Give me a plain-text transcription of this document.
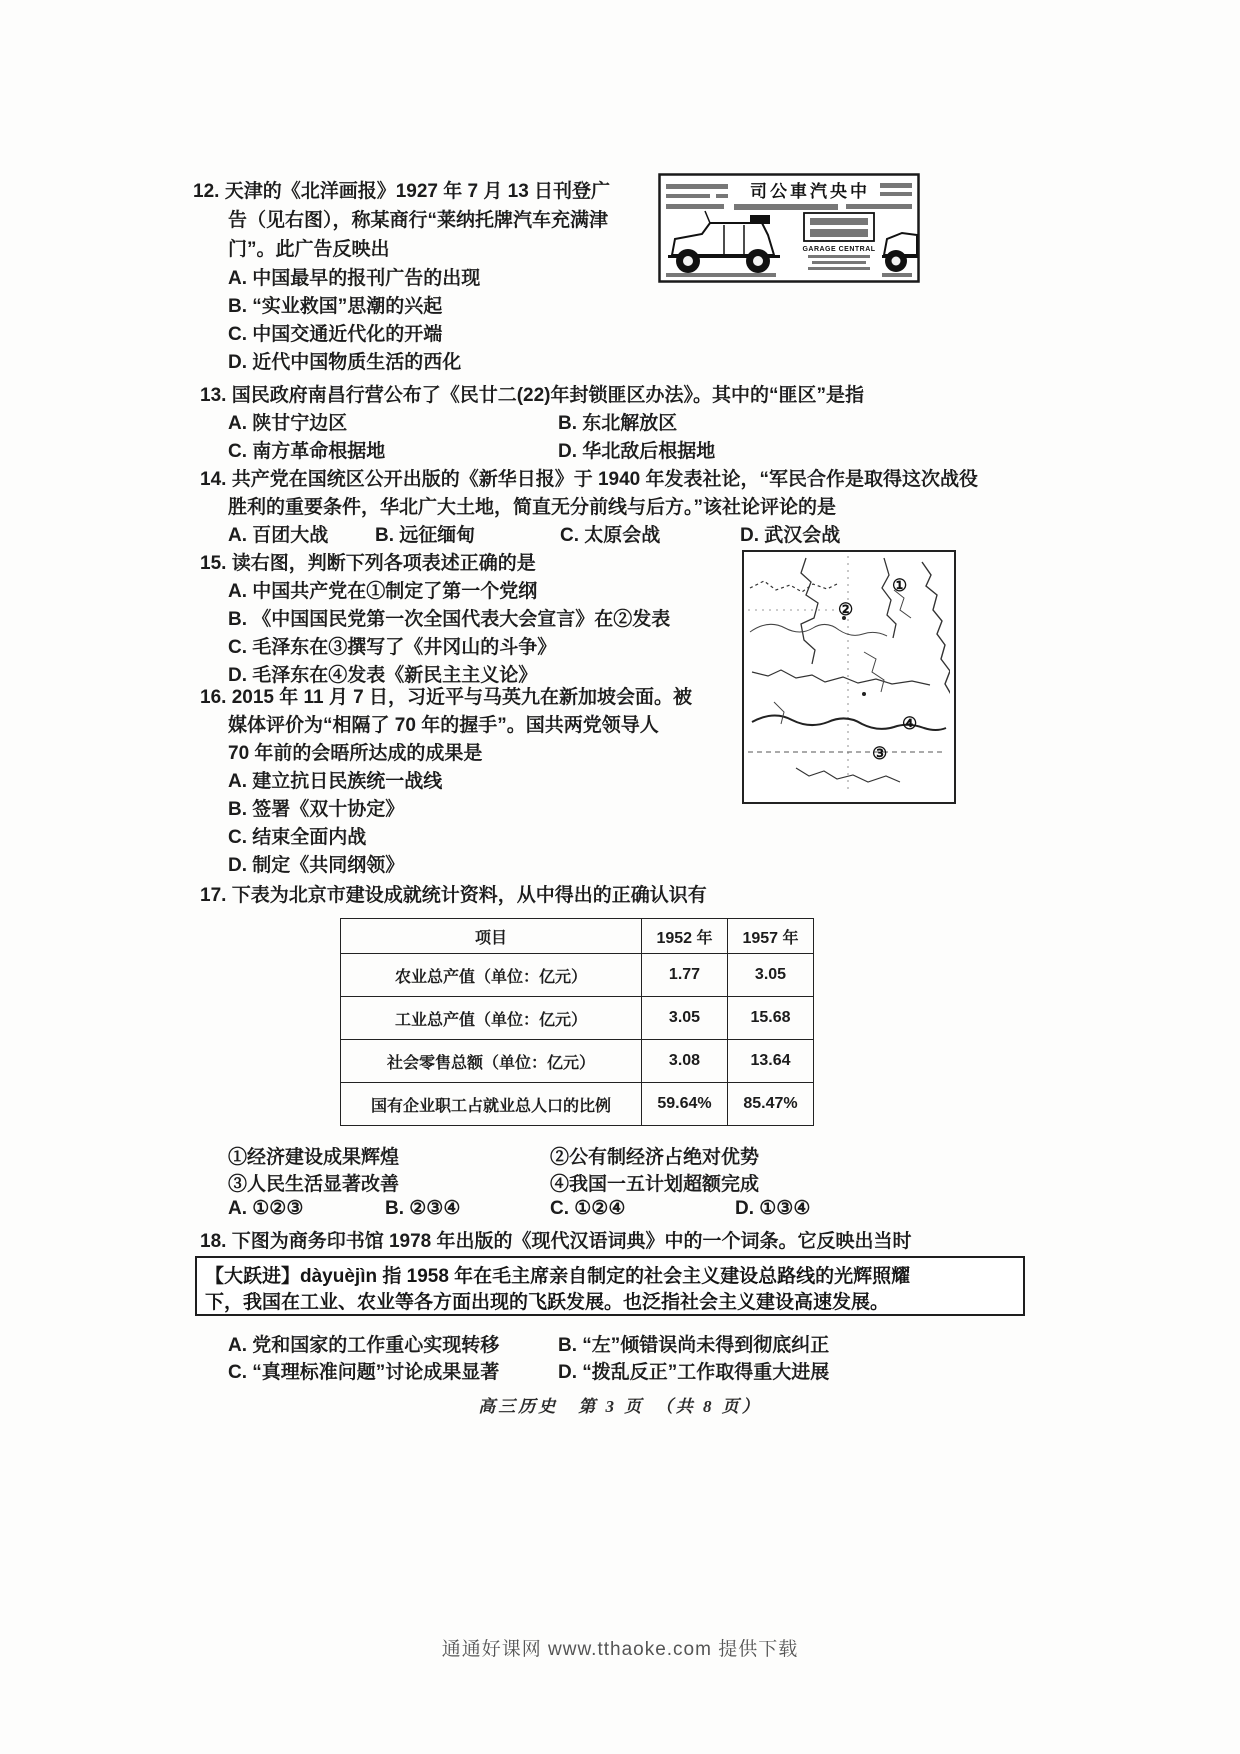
12. 天津的《北洋画报》1927 年 7 月 13 日刊登广
告（见右图），称某商行“莱纳托牌汽车充满津
门”。此广告反映出
A. 中国最早的报刊广告的出现
B. “实业救国”思潮的兴起
C. 中国交通近代化的开端
D. 近代中国物质生活的西化
司公車汽央中
GARAGE CENTRAL
13. 国民政府南昌行营公布了《民廿二(22)年封锁匪区办法》。其中的“匪区”是指
A. 陕甘宁边区	B. 东北解放区
C. 南方革命根据地	D. 华北敌后根据地
14. 共产党在国统区公开出版的《新华日报》于 1940 年发表社论，“军民合作是取得这次战役
胜利的重要条件，华北广大土地，简直无分前线与后方。”该社论评论的是
A. 百团大战 B. 远征缅甸	C. 太原会战	D. 武汉会战
15. 读右图，判断下列各项表述正确的是
A. 中国共产党在①制定了第一个党纲
B. 《中国国民党第一次全国代表大会宣言》在②发表
C. 毛泽东在③撰写了《井冈山的斗争》
D. 毛泽东在④发表《新民主主义论》
①
②
③
④
16. 2015 年 11 月 7 日，习近平与马英九在新加坡会面。被
媒体评价为“相隔了 70 年的握手”。国共两党领导人
70 年前的会晤所达成的成果是
A. 建立抗日民族统一战线
B. 签署《双十协定》
C. 结束全面内战
D. 制定《共同纲领》
17. 下表为北京市建设成就统计资料，从中得出的正确认识有
项目	1952 年	1957 年
农业总产值（单位：亿元）	1.77	3.05
工业总产值（单位：亿元）	3.05	15.68
社会零售总额（单位：亿元）	3.08	13.64
国有企业职工占就业总人口的比例	59.64%	85.47%
①经济建设成果辉煌	②公有制经济占绝对优势
③人民生活显著改善	④我国一五计划超额完成
A. ①②③	B. ②③④	C. ①②④	D. ①③④
18. 下图为商务印书馆 1978 年出版的《现代汉语词典》中的一个词条。它反映出当时
【大跃进】dàyuèjìn 指 1958 年在毛主席亲自制定的社会主义建设总路线的光辉照耀
下，我国在工业、农业等各方面出现的飞跃发展。也泛指社会主义建设高速发展。
A. 党和国家的工作重心实现转移	B. “左”倾错误尚未得到彻底纠正
C. “真理标准问题”讨论成果显著	D. “拨乱反正”工作取得重大进展
高三历史　第 3 页　（共 8 页）
通通好课网 www.tthaoke.com 提供下载
